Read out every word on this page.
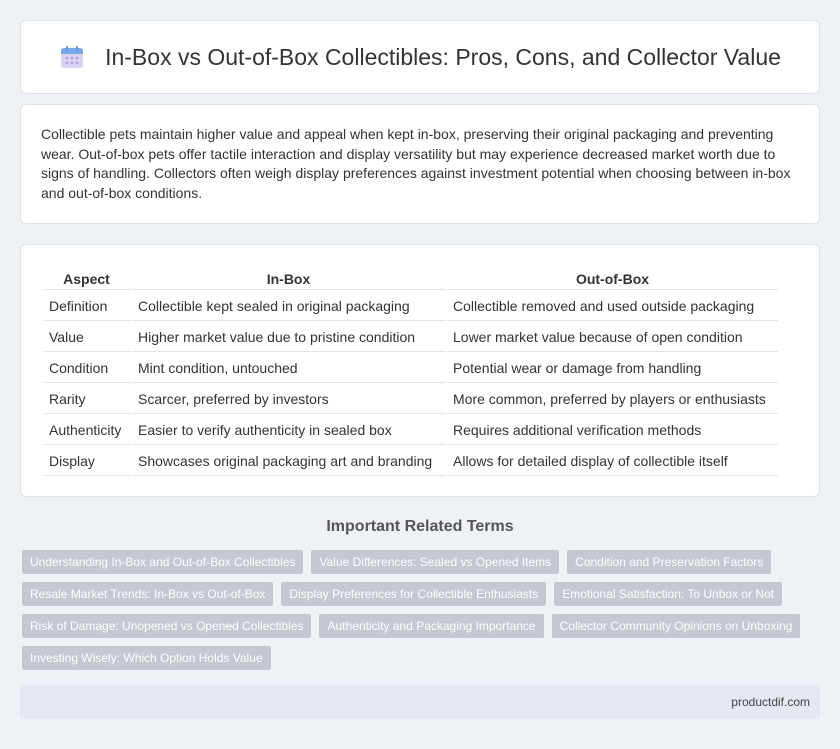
In-Box vs Out-of-Box Collectibles: Pros, Cons, and Collector Value

Collectible pets maintain higher value and appeal when kept in-box, preserving their original packaging and preventing wear. Out-of-box pets offer tactile interaction and display versatility but may experience decreased market worth due to signs of handling. Collectors often weigh display preferences against investment potential when choosing between in-box and out-of-box conditions.

Aspect	In-Box	Out-of-Box
Definition	Collectible kept sealed in original packaging	Collectible removed and used outside packaging
Value	Higher market value due to pristine condition	Lower market value because of open condition
Condition	Mint condition, untouched	Potential wear or damage from handling
Rarity	Scarcer, preferred by investors	More common, preferred by players or enthusiasts
Authenticity	Easier to verify authenticity in sealed box	Requires additional verification methods
Display	Showcases original packaging art and branding	Allows for detailed display of collectible itself
Important Related Terms
Understanding In-Box and Out-of-Box Collectibles	Value Differences: Sealed vs Opened Items	Condition and Preservation Factors
Resale Market Trends: In-Box vs Out-of-Box	Display Preferences for Collectible Enthusiasts	Emotional Satisfaction: To Unbox or Not
Risk of Damage: Unopened vs Opened Collectibles	Authenticity and Packaging Importance	Collector Community Opinions on Unboxing
Investing Wisely: Which Option Holds Value
productdif.com
